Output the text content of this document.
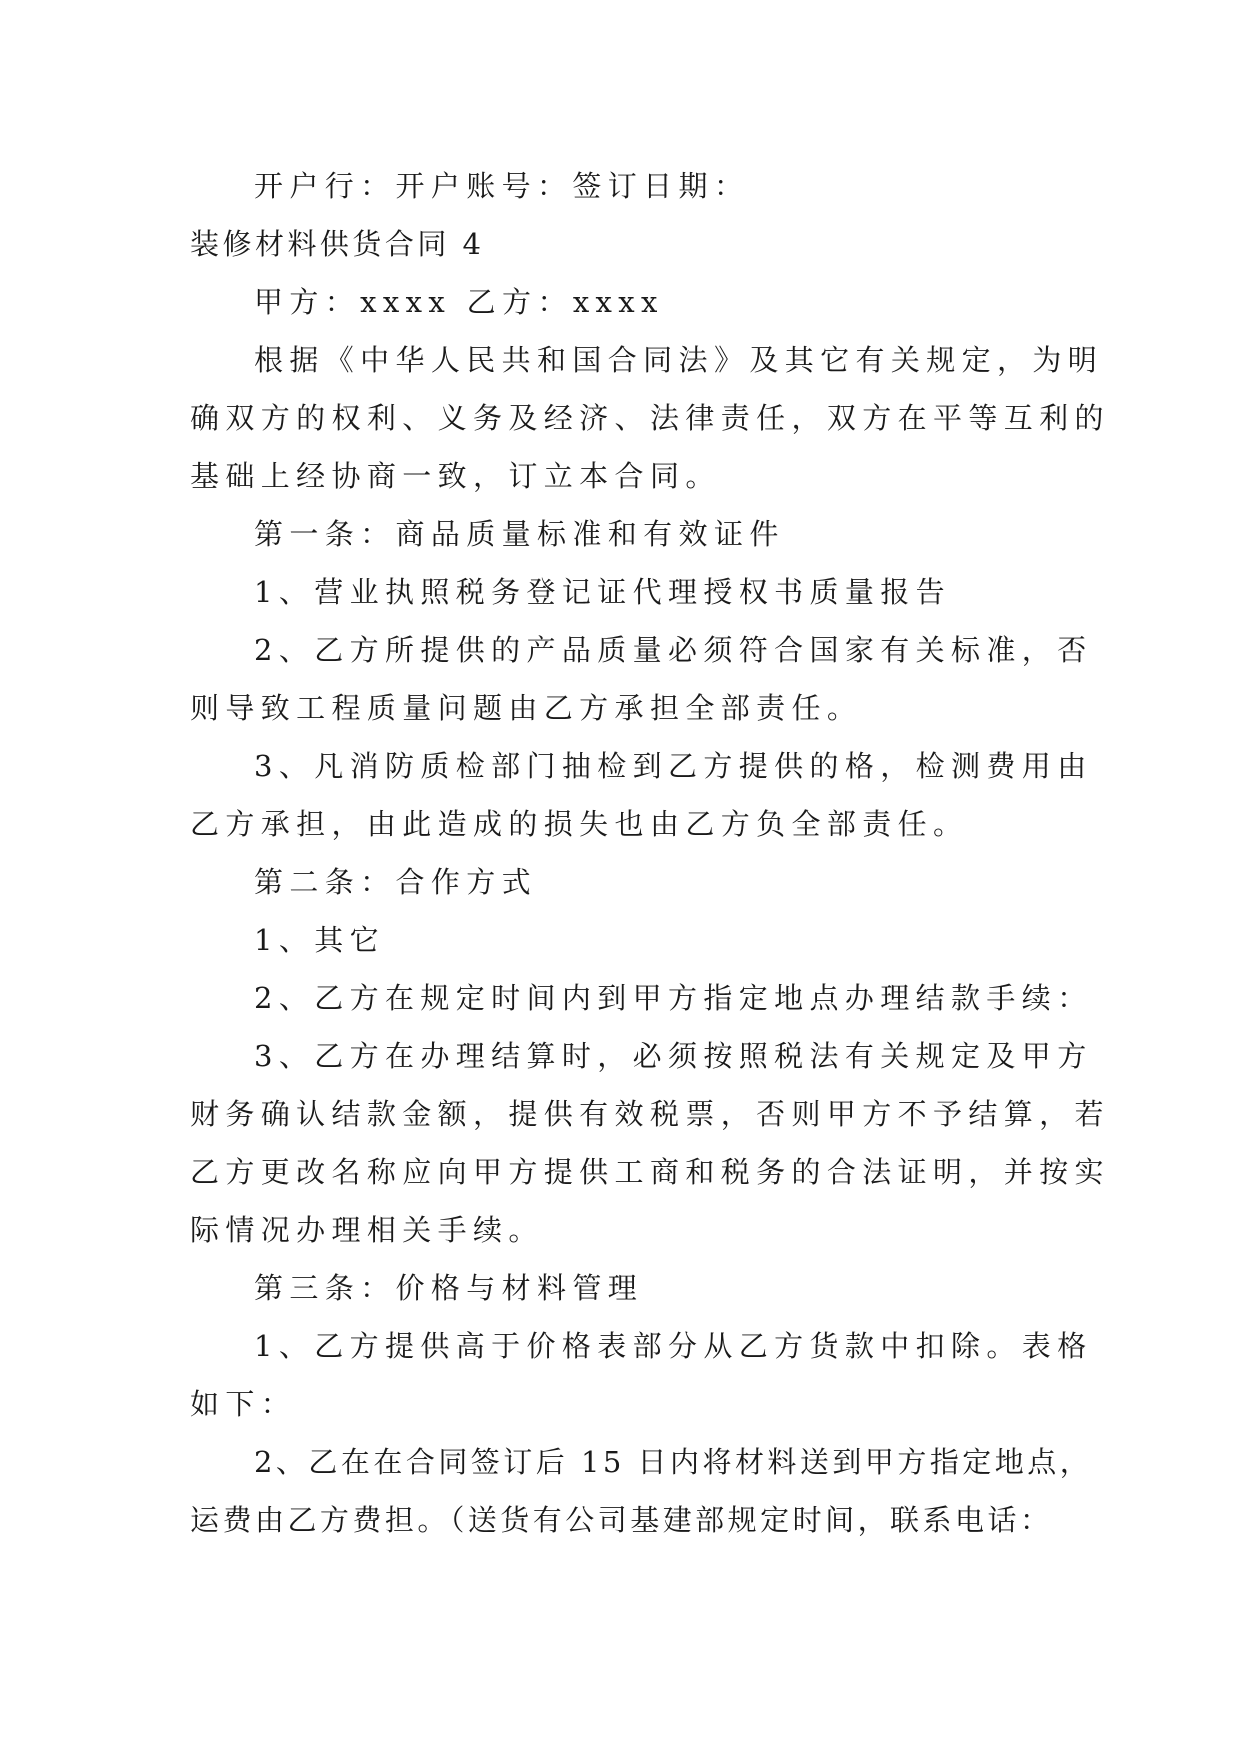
开户行：开户账号：签订日期：
装修材料供货合同 4
甲方：xxxx 乙方：xxxx
根据《中华人民共和国合同法》及其它有关规定，为明
确双方的权利、义务及经济、法律责任，双方在平等互利的
基础上经协商一致，订立本合同。
第一条：商品质量标准和有效证件
1、营业执照税务登记证代理授权书质量报告
2、乙方所提供的产品质量必须符合国家有关标准，否
则导致工程质量问题由乙方承担全部责任。
3、凡消防质检部门抽检到乙方提供的格，检测费用由
乙方承担，由此造成的损失也由乙方负全部责任。
第二条：合作方式
1、其它
2、乙方在规定时间内到甲方指定地点办理结款手续：
3、乙方在办理结算时，必须按照税法有关规定及甲方
财务确认结款金额，提供有效税票，否则甲方不予结算，若
乙方更改名称应向甲方提供工商和税务的合法证明，并按实
际情况办理相关手续。
第三条：价格与材料管理
1、乙方提供高于价格表部分从乙方货款中扣除。表格
如下：
2、乙在在合同签订后 15 日内将材料送到甲方指定地点，
运费由乙方费担。（送货有公司基建部规定时间，联系电话：
